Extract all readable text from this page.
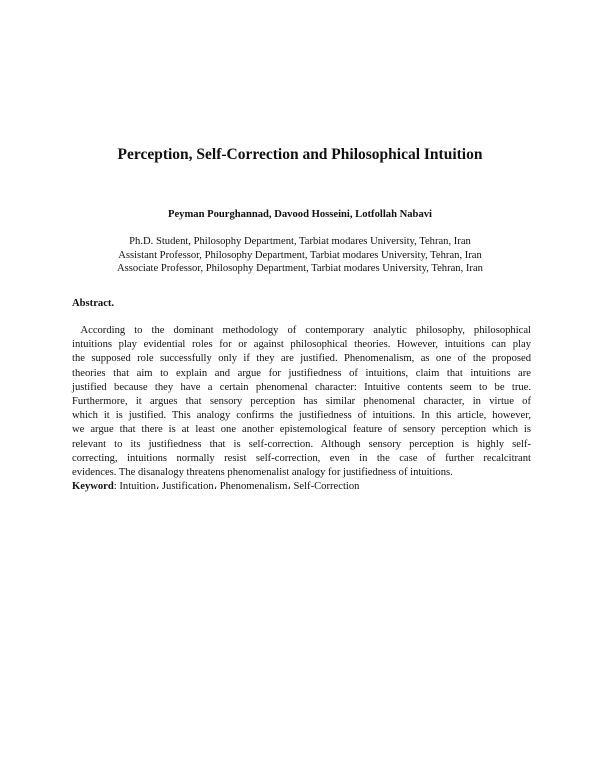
Perception, Self-Correction and Philosophical Intuition

Peyman Pourghannad, Davood Hosseini, Lotfollah Nabavi

Ph.D. Student, Philosophy Department, Tarbiat modares University, Tehran, Iran
Assistant Professor, Philosophy Department, Tarbiat modares University, Tehran, Iran
Associate Professor, Philosophy Department, Tarbiat modares University, Tehran, Iran

Abstract.

According to the dominant methodology of contemporary analytic philosophy, philosophical
intuitions play evidential roles for or against philosophical theories. However, intuitions can play
the supposed role successfully only if they are justified. Phenomenalism, as one of the proposed
theories that aim to explain and argue for justifiedness of intuitions, claim that intuitions are
justified because they have a certain phenomenal character: Intuitive contents seem to be true.
Furthermore, it argues that sensory perception has similar phenomenal character, in virtue of
which it is justified. This analogy confirms the justifiedness of intuitions. In this article, however,
we argue that there is at least one another epistemological feature of sensory perception which is
relevant to its justifiedness that is self-correction. Although sensory perception is highly self-
correcting, intuitions normally resist self-correction, even in the case of further recalcitrant
evidences. The disanalogy threatens phenomenalist analogy for justifiedness of intuitions.
Keyword: Intuition، Justification، Phenomenalism، Self-Correction
